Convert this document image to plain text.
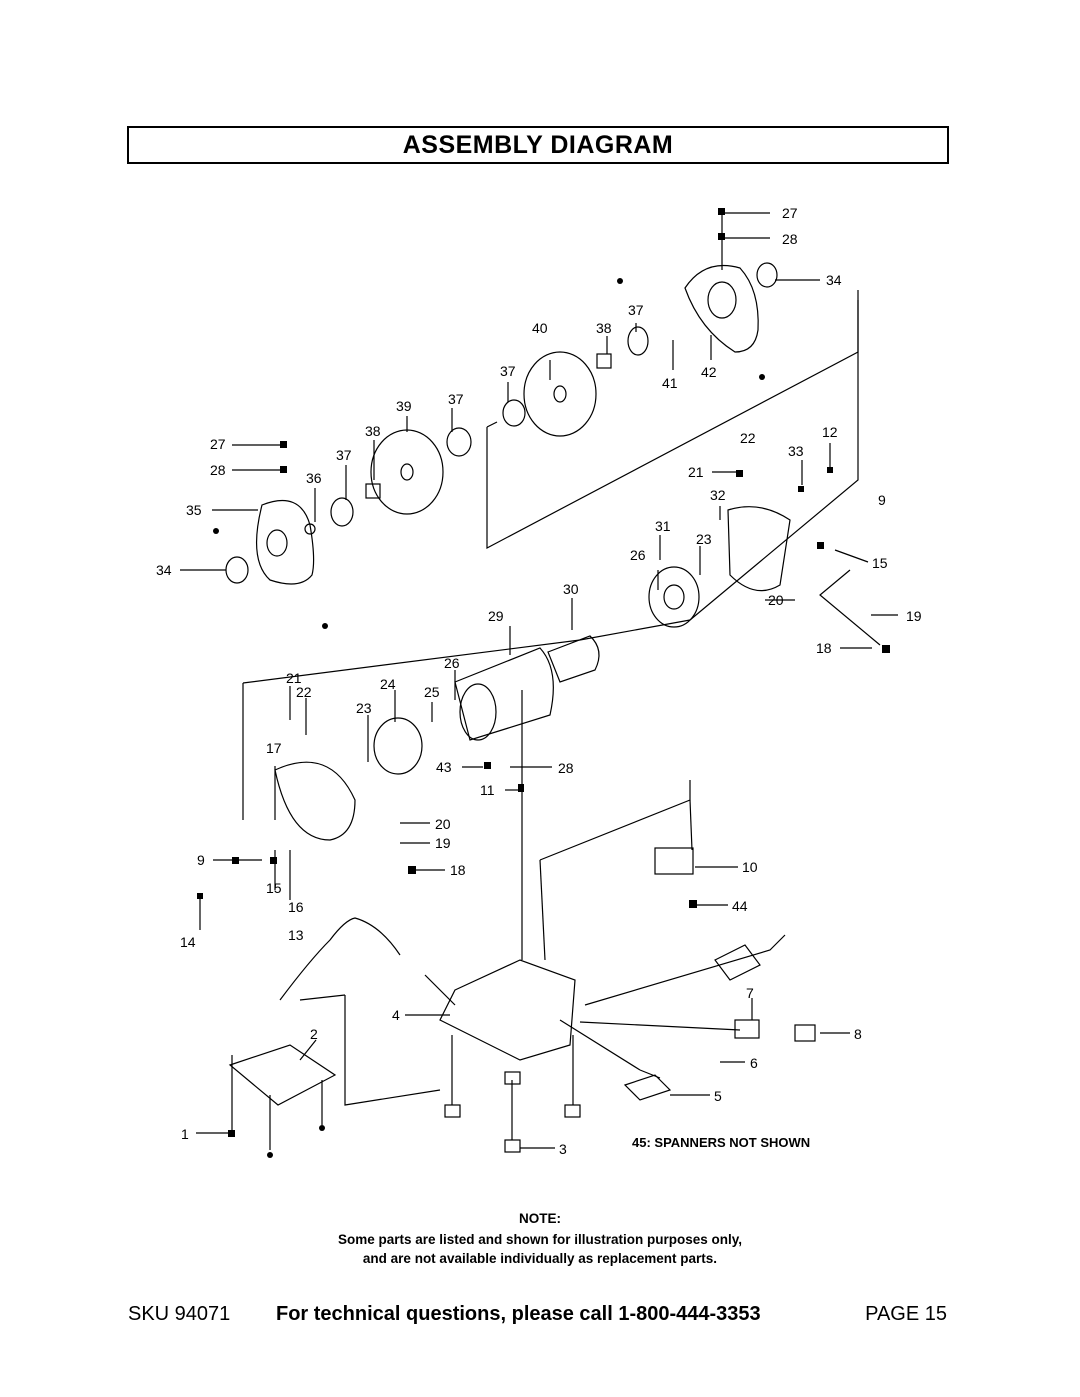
ASSEMBLY DIAGRAM
27
28
34
37
40	38
37
41
42
39	37
38
37
36
27
28
35
34
22	12
21
33
32	9
31
23
26	15
30
20
29	19
18
26
21
22	24 25
23
17
43	28
11
20
19
9
18
15
16
10
44
14	13
7
4
2	8
6
5
1
3	45: SPANNERS NOT SHOWN
NOTE:
Some parts are listed and shown for illustration purposes only,
and are not available individually as replacement parts.
SKU 94071 For technical questions, please call 1-800-444-3353	PAGE 15
